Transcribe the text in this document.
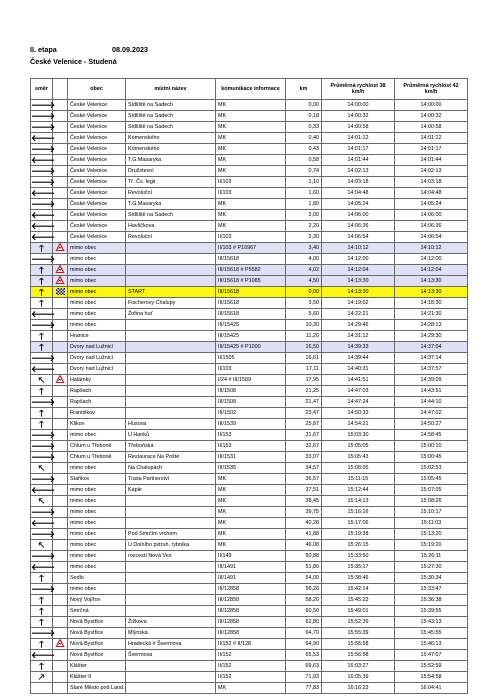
II. etapa	08.09.2023
České Velenice - Studená
směr		obec	místní název	komunikace informace	km	Průměrná rychlost 38 km/h	Průměrná rychlost 42 km/h
🡒		České Velenice	Sídliště na Sadech	MK	0,00	14:00:00	14:00:00
🡒		České Velenice	Sídliště na Sadech	MK	0,18	14:00:32	14:00:32
🡒		České Velenice	Sídliště na Sadech	MK	0,33	14:00:58	14:00:58
🡐		České Velenice	Komenského	MK	0,40	14:01:12	14:01:12
🡒		České Velenice	Komenského	MK	0,43	14:01:17	14:01:17
🡐		České Velenice	T.G.Masaryka	MK	0,58	14:01:44	14:01:44
🡒		České Velenice	Družstevní	MK	0,74	14:02:13	14:02:13
🡒		České Velenice	Tř. Čs. legií	II/103	1,10	14:03:18	14:03:18
🡐		České Velenice	Revoluční	II/103	1,60	14:04:48	14:04:48
🡒		České Velenice	T.G.Masaryka	MK	1,80	14:05:24	14:05:24
🡐		České Velenice	Sídliště na Sadech	MK	2,00	14:06:00	14:06:00
🡐		České Velenice	Havlíčkova	MK	2,20	14:06:36	14:06:36
🡐		České Velenice	Revoluční	II/103	2,30	14:06:54	14:06:54
🡑		mimo obec		II/103 # P10967	3,40	14:10:12	14:10:12
🡒		mimo obec		III/15618	4,00	14:12:00	14:12:00
🡑		mimo obec		III/15618 # P5582	4,02	14:12:04	14:12:04
🡑		mimo obec		III/15618 # P1085	4,50	14:13:30	14:13:30
🡑		mimo obec	START	III/15618	0,00	14:13:30	14:13:30
🡑		mimo obec	Fischerovy Chalupy	III/15618	3,50	14:19:02	14:18:30
🡐		mimo obec	Žofina huť	III/15618	5,60	14:22:21	14:21:30
🡒		mimo obec		III/15425	10,30	14:29:46	14:28:13
🡑		Hranice		III/15425	11,20	14:31:12	14:29:30
🡑		Dvory nad Lužnicí		III/15425 # P1000	16,50	14:39:33	14:37:04
🡒		Dvory nad Lužnicí		II/1505	16,61	14:39:44	14:37:14
🡐		Dvory nad Lužnicí		II/103	17,11	14:40:31	14:37:57
🡔		Halámky		I/24 # III/1509	17,95	14:41:51	14:39:09
🡑		Rapšach		III/1508	21,25	14:47:03	14:43:51
🡒		Rapšach		III/1508	21,47	14:47:24	14:44:10
🡑		Františkov		III/1502	23,47	14:50:33	14:47:02
🡑		Klikov	Husova	III/1539	25,87	14:54:21	14:50:27
🡒		mimo obec	U Hanků	II/153	31,67	15:03:30	14:58:45
🡒		Chlum u Třeboně	Třeboňská	II/153	32,67	15:05:05	15:00:10
🡒		Chlum u Třeboně	Restaurace Na Pošté	III/1531	33,07	15:05:43	15:00:45
🡔		mimo obec	Na Chalupách	III/1535	34,57	15:08:05	15:02:53
🡒		Staňkov	Trasa Partnerství	MK	36,57	15:11:15	15:05:45
🡐		mimo obec	Kaple	MK	37,51	15:12:44	15:07:05
🡔		mimo obec		MK	38,45	15:14:13	15:08:26
🡒		mimo obec		MK	39,75	15:16:16	15:10:17
🡐		mimo obec		MK	40,28	15:17:06	15:11:03
🡒		mimo obec	Pod Smrčím vrchem	MK	41,88	15:19:38	15:13:20
🡔		mimo obec	U Dolního pstruh. rybníka	MK	46,08	15:26:15	15:19:20
🡒		mimo obec	rozcestí Nová Ves	II/149	50,88	15:33:50	15:26:11
🡐		mimo obec		III/1491	51,80	15:35:17	15:27:30
🡑		Sedlo		III/1491	54,00	15:38:46	15:30:34
🡒		mimo obec		III/12858	56,20	15:42:14	15:33:47
🡑		Nový Vojířov		III/12858	58,20	15:45:23	15:36:38
🡑		Smrčná		III/12858	60,50	15:49:01	15:39:55
🡑		Nová Bystřice	Žižkova	III/12858	62,80	15:52:39	15:43:13
🡒		Nová Bystřice	Mlýnská	III/12858	64,70	15:55:39	15:45:55
🡑		Nová Bystřice	Hradecká # Švermova	II/152 # II/128	64,90	15:55:58	15:46:13
🡐		Nová Bystřice	Švermova	II/152	65,53	15:56:58	15:47:07
🡑		Klášter		II/152	69,63	16:03:27	15:52:59
🡕		Klášter II		II/152	71,03	16:05:39	15:54:58
		Staré Město pod Land.		MK	77,83	16:16:23	16:04:41
